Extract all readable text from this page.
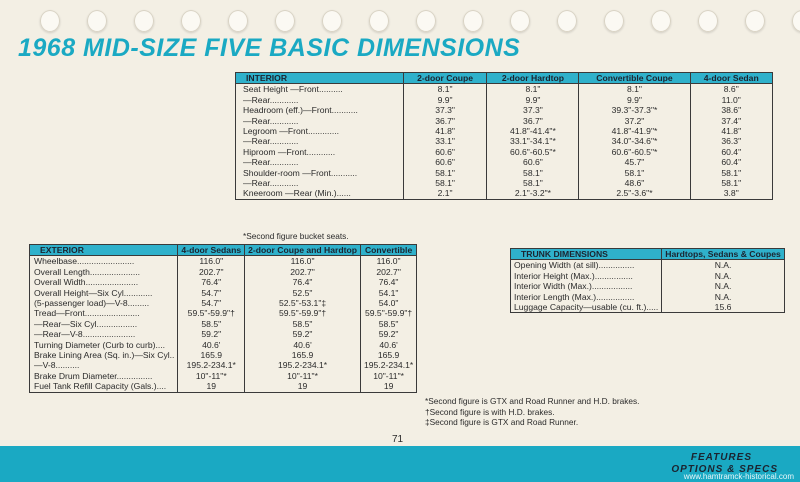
1968 MID-SIZE FIVE BASIC DIMENSIONS
INTERIOR	2-door Coupe	2-door Hardtop	Convertible Coupe	4-door Sedan
Seat Height —Front..........	8.1"	8.1"	8.1"	8.6"
—Rear............	9.9"	9.9"	9.9"	11.0"
Headroom (eff.)—Front...........	37.3"	37.3"	39.3"-37.3"*	38.6"
—Rear............	36.7"	36.7"	37.2"	37.4"
Legroom —Front.............	41.8"	41.8"-41.4"*	41.8"-41.9"*	41.8"
—Rear............	33.1"	33.1"-34.1"*	34.0"-34.6"*	36.3"
Hiproom —Front............	60.6"	60.6"-60.5"*	60.6"-60.5"*	60.4"
—Rear............	60.6"	60.6"	45.7"	60.4"
Shoulder-room —Front...........	58.1"	58.1"	58.1"	58.1"
—Rear............	58.1"	58.1"	48.6"	58.1"
Kneeroom —Rear (Min.)......	2.1"	2.1"-3.2"*	2.5"-3.6"*	3.8"
*Second figure bucket seats.
EXTERIOR	4-door Sedans	2-door Coupe and Hardtop	Convertible
Wheelbase........................	116.0"	116.0"	116.0"
Overall Length.....................	202.7"	202.7"	202.7"
Overall Width......................	76.4"	76.4"	76.4"
Overall Height—Six Cyl............	54.7"	52.5"	54.1"
(5-passenger load)—V-8.........	54.7"	52.5"-53.1"‡	54.0"
Tread—Front.......................	59.5"-59.9"†	59.5"-59.9"†	59.5"-59.9"†
—Rear—Six Cyl.................	58.5"	58.5"	58.5"
—Rear—V-8......................	59.2"	59.2"	59.2"
Turning Diameter (Curb to curb)....	40.6'	40.6'	40.6'
Brake Lining Area (Sq. in.)—Six Cyl..	165.9	165.9	165.9
—V-8..........	195.2-234.1*	195.2-234.1*	195.2-234.1*
Brake Drum Diameter...............	10"-11"*	10"-11"*	10"-11"*
Fuel Tank Refill Capacity (Gals.)....	19	19	19
TRUNK DIMENSIONS	Hardtops, Sedans & Coupes
Opening Width (at sill)...............	N.A.
Interior Height (Max.)................	N.A.
Interior Width (Max.).................	N.A.
Interior Length (Max.)................	N.A.
Luggage Capacity—usable (cu. ft.).....	15.6
*Second figure is GTX and Road Runner and H.D. brakes.
†Second figure is with H.D. brakes.
‡Second figure is GTX and Road Runner.
71
FEATURES
OPTIONS & SPECS
www.hamtramck-historical.com
